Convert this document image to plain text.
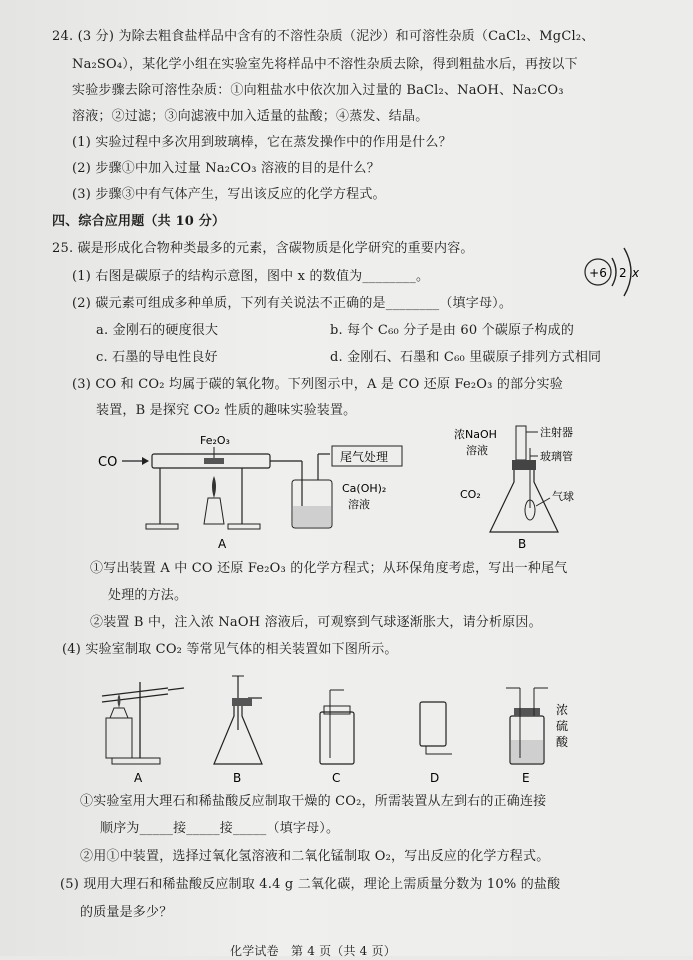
24. (3 分) 为除去粗食盐样品中含有的不溶性杂质（泥沙）和可溶性杂质（CaCl₂、MgCl₂、
Na₂SO₄），某化学小组在实验室先将样品中不溶性杂质去除，得到粗盐水后，再按以下
实验步骤去除可溶性杂质：①向粗盐水中依次加入过量的 BaCl₂、NaOH、Na₂CO₃
溶液；②过滤；③向滤液中加入适量的盐酸；④蒸发、结晶。
(1) 实验过程中多次用到玻璃棒，它在蒸发操作中的作用是什么？
(2) 步骤①中加入过量 Na₂CO₃ 溶液的目的是什么？
(3) 步骤③中有气体产生，写出该反应的化学方程式。
四、综合应用题（共 10 分）
25. 碳是形成化合物种类最多的元素，含碳物质是化学研究的重要内容。
(1) 右图是碳原子的结构示意图，图中 x 的数值为________。
(2) 碳元素可组成多种单质，下列有关说法不正确的是________（填字母）。
a. 金刚石的硬度很大	b. 每个 C₆₀ 分子是由 60 个碳原子构成的
c. 石墨的导电性良好	d. 金刚石、石墨和 C₆₀ 里碳原子排列方式相同
(3) CO 和 CO₂ 均属于碳的氧化物。下列图示中，A 是 CO 还原 Fe₂O₃ 的部分实验
装置，B 是探究 CO₂ 性质的趣味实验装置。
+6 2 x
CO
Fe₂O₃
尾气处理
Ca(OH)₂
溶液
A
浓NaOH
溶液
注射器
玻璃管
CO₂	气球
B
①写出装置 A 中 CO 还原 Fe₂O₃ 的化学方程式；从环保角度考虑，写出一种尾气
处理的方法。
②装置 B 中，注入浓 NaOH 溶液后，可观察到气球逐渐胀大，请分析原因。
(4) 实验室制取 CO₂ 等常见气体的相关装置如下图所示。
A	B	C	D
浓
硫
酸
E
①实验室用大理石和稀盐酸反应制取干燥的 CO₂，所需装置从左到右的正确连接
顺序为_____接_____接_____（填字母）。
②用①中装置，选择过氧化氢溶液和二氧化锰制取 O₂，写出反应的化学方程式。
(5) 现用大理石和稀盐酸反应制取 4.4 g 二氧化碳，理论上需质量分数为 10% 的盐酸
的质量是多少？
化学试卷　第 4 页（共 4 页）
